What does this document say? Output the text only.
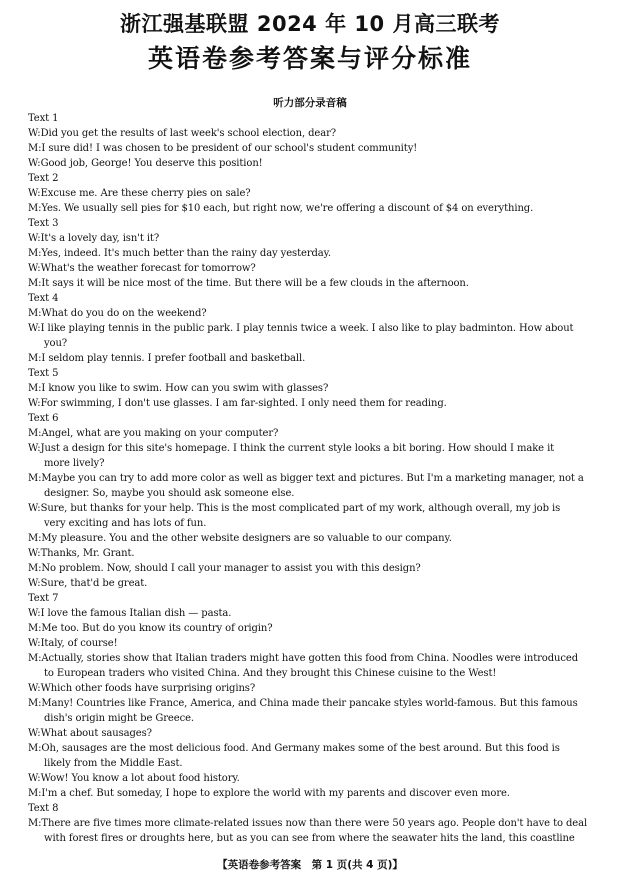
浙江强基联盟 2024 年 10 月高三联考
英语卷参考答案与评分标准
听力部分录音稿
Text 1
W:Did you get the results of last week's school election, dear?
M:I sure did! I was chosen to be president of our school's student community!
W:Good job, George! You deserve this position!
Text 2
W:Excuse me. Are these cherry pies on sale?
M:Yes. We usually sell pies for $10 each, but right now, we're offering a discount of $4 on everything.
Text 3
W:It's a lovely day, isn't it?
M:Yes, indeed. It's much better than the rainy day yesterday.
W:What's the weather forecast for tomorrow?
M:It says it will be nice most of the time. But there will be a few clouds in the afternoon.
Text 4
M:What do you do on the weekend?
W:I like playing tennis in the public park. I play tennis twice a week. I also like to play badminton. How about
you?
M:I seldom play tennis. I prefer football and basketball.
Text 5
M:I know you like to swim. How can you swim with glasses?
W:For swimming, I don't use glasses. I am far-sighted. I only need them for reading.
Text 6
M:Angel, what are you making on your computer?
W:Just a design for this site's homepage. I think the current style looks a bit boring. How should I make it
more lively?
M:Maybe you can try to add more color as well as bigger text and pictures. But I'm a marketing manager, not a
designer. So, maybe you should ask someone else.
W:Sure, but thanks for your help. This is the most complicated part of my work, although overall, my job is
very exciting and has lots of fun.
M:My pleasure. You and the other website designers are so valuable to our company.
W:Thanks, Mr. Grant.
M:No problem. Now, should I call your manager to assist you with this design?
W:Sure, that'd be great.
Text 7
W:I love the famous Italian dish — pasta.
M:Me too. But do you know its country of origin?
W:Italy, of course!
M:Actually, stories show that Italian traders might have gotten this food from China. Noodles were introduced
to European traders who visited China. And they brought this Chinese cuisine to the West!
W:Which other foods have surprising origins?
M:Many! Countries like France, America, and China made their pancake styles world-famous. But this famous
dish's origin might be Greece.
W:What about sausages?
M:Oh, sausages are the most delicious food. And Germany makes some of the best around. But this food is
likely from the Middle East.
W:Wow! You know a lot about food history.
M:I'm a chef. But someday, I hope to explore the world with my parents and discover even more.
Text 8
M:There are five times more climate-related issues now than there were 50 years ago. People don't have to deal
with forest fires or droughts here, but as you can see from where the seawater hits the land, this coastline
【英语卷参考答案　第 1 页(共 4 页)】
